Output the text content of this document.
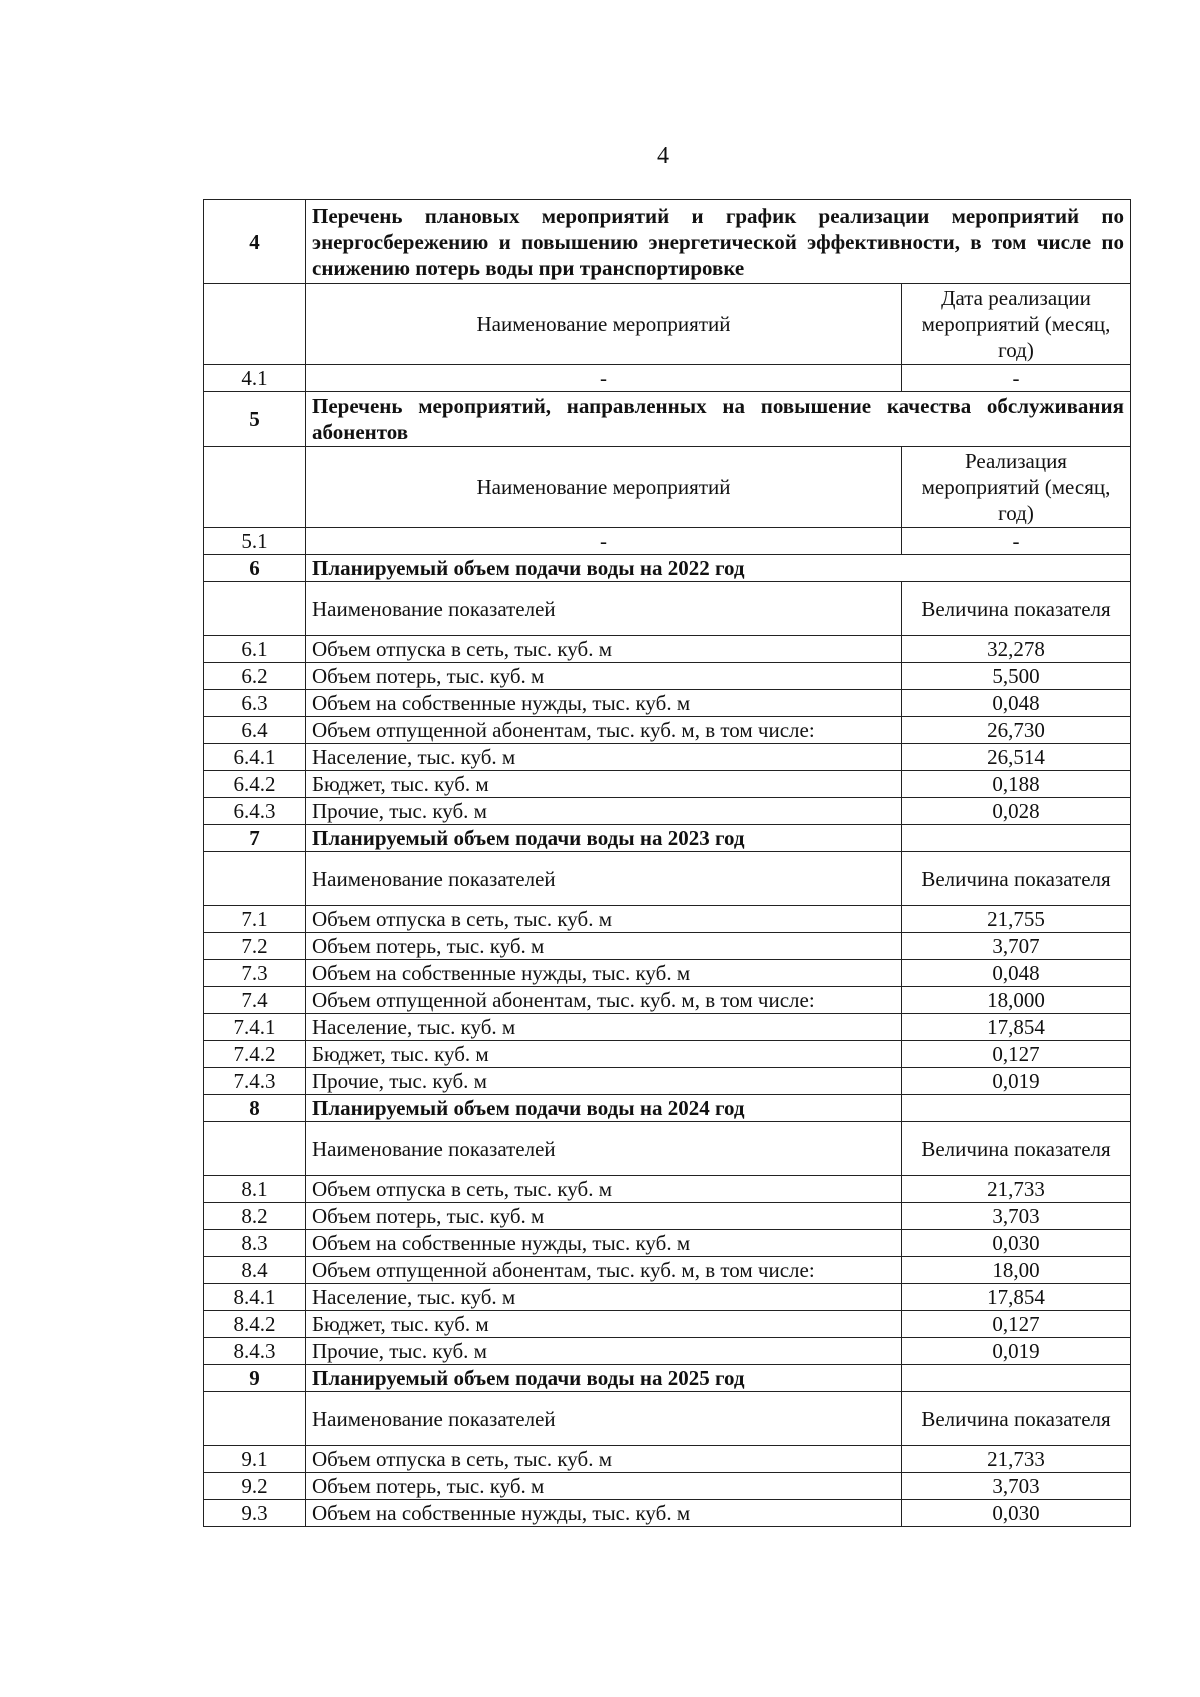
4
4	Перечень плановых мероприятий и график реализации мероприятий по энергосбережению и повышению энергетической эффективности, в том числе по снижению потерь воды при транспортировке	
	Наименование мероприятий	Дата реализации мероприятий (месяц, год)
4.1	-	-
5	Перечень мероприятий, направленных на повышение качества обслуживания абонентов	
	Наименование мероприятий	Реализация мероприятий (месяц, год)
5.1	-	-
6	Планируемый объем подачи воды на 2022 год	
	Наименование показателей	Величина показателя
6.1	Объем отпуска в сеть, тыс. куб. м	32,278
6.2	Объем потерь, тыс. куб. м	5,500
6.3	Объем на собственные нужды, тыс. куб. м	0,048
6.4	Объем отпущенной абонентам, тыс. куб. м, в том числе:	26,730
6.4.1	Население, тыс. куб. м	26,514
6.4.2	Бюджет, тыс. куб. м	0,188
6.4.3	Прочие, тыс. куб. м	0,028
7	Планируемый объем подачи воды на 2023 год	
	Наименование показателей	Величина показателя
7.1	Объем отпуска в сеть, тыс. куб. м	21,755
7.2	Объем потерь, тыс. куб. м	3,707
7.3	Объем на собственные нужды, тыс. куб. м	0,048
7.4	Объем отпущенной абонентам, тыс. куб. м, в том числе:	18,000
7.4.1	Население, тыс. куб. м	17,854
7.4.2	Бюджет, тыс. куб. м	0,127
7.4.3	Прочие, тыс. куб. м	0,019
8	Планируемый объем подачи воды на 2024 год	
	Наименование показателей	Величина показателя
8.1	Объем отпуска в сеть, тыс. куб. м	21,733
8.2	Объем потерь, тыс. куб. м	3,703
8.3	Объем на собственные нужды, тыс. куб. м	0,030
8.4	Объем отпущенной абонентам, тыс. куб. м, в том числе:	18,00
8.4.1	Население, тыс. куб. м	17,854
8.4.2	Бюджет, тыс. куб. м	0,127
8.4.3	Прочие, тыс. куб. м	0,019
9	Планируемый объем подачи воды на 2025 год	
	Наименование показателей	Величина показателя
9.1	Объем отпуска в сеть, тыс. куб. м	21,733
9.2	Объем потерь, тыс. куб. м	3,703
9.3	Объем на собственные нужды, тыс. куб. м	0,030
